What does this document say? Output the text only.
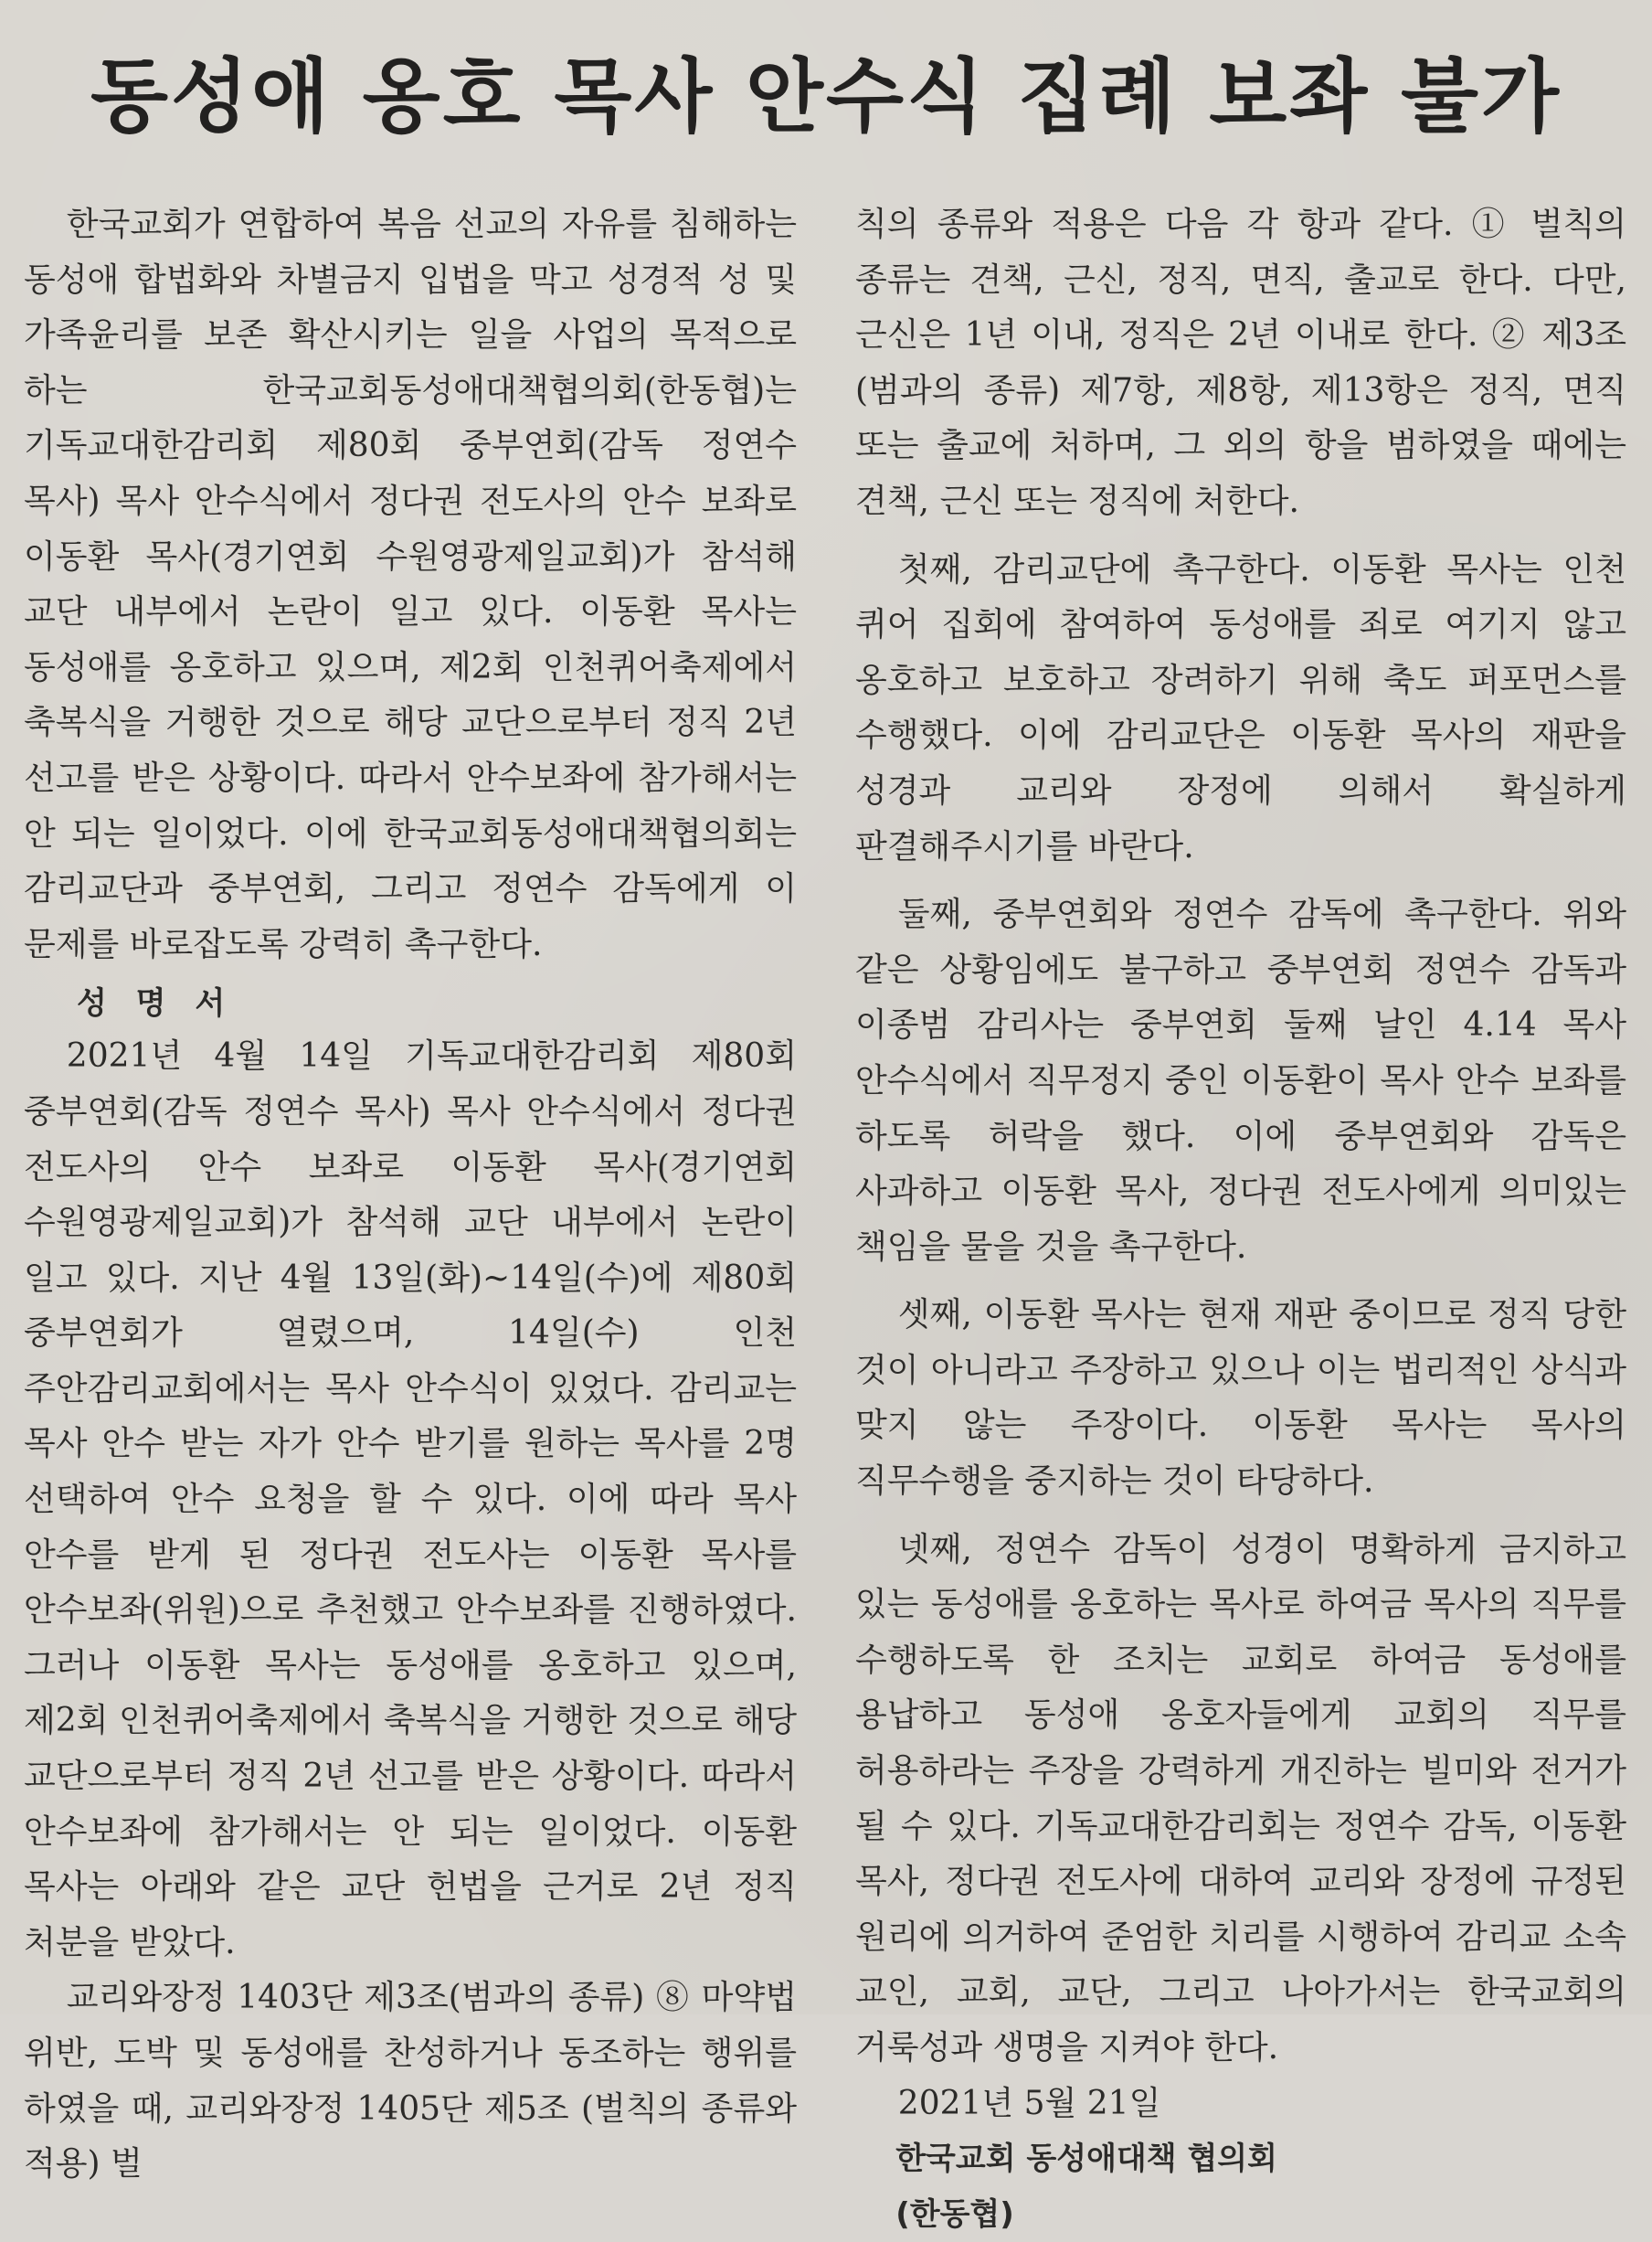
동성애 옹호 목사 안수식 집례 보좌 불가

한국교회가 연합하여 복음 선교의 자유를 침해하는 동성애 합법화와 차별금지 입법을 막고 성경적 성 및 가족윤리를 보존 확산시키는 일을 사업의 목적으로 하는 한국교회동성애대책협의회(한동협)는 기독교대한감리회 제80회 중부연회(감독 정연수 목사) 목사 안수식에서 정다권 전도사의 안수 보좌로 이동환 목사(경기연회 수원영광제일교회)가 참석해 교단 내부에서 논란이 일고 있다. 이동환 목사는 동성애를 옹호하고 있으며, 제2회 인천퀴어축제에서 축복식을 거행한 것으로 해당 교단으로부터 정직 2년 선고를 받은 상황이다. 따라서 안수보좌에 참가해서는 안 되는 일이었다. 이에 한국교회동성애대책협의회는 감리교단과 중부연회, 그리고 정연수 감독에게 이 문제를 바로잡도록 강력히 촉구한다.

성 명 서

2021년 4월 14일 기독교대한감리회 제80회 중부연회(감독 정연수 목사) 목사 안수식에서 정다권 전도사의 안수 보좌로 이동환 목사(경기연회 수원영광제일교회)가 참석해 교단 내부에서 논란이 일고 있다. 지난 4월 13일(화)~14일(수)에 제80회 중부연회가 열렸으며, 14일(수) 인천 주안감리교회에서는 목사 안수식이 있었다. 감리교는 목사 안수 받는 자가 안수 받기를 원하는 목사를 2명 선택하여 안수 요청을 할 수 있다. 이에 따라 목사 안수를 받게 된 정다권 전도사는 이동환 목사를 안수보좌(위원)으로 추천했고 안수보좌를 진행하였다. 그러나 이동환 목사는 동성애를 옹호하고 있으며, 제2회 인천퀴어축제에서 축복식을 거행한 것으로 해당 교단으로부터 정직 2년 선고를 받은 상황이다. 따라서 안수보좌에 참가해서는 안 되는 일이었다. 이동환 목사는 아래와 같은 교단 헌법을 근거로 2년 정직 처분을 받았다.

교리와장정 1403단 제3조(범과의 종류) ⑧ 마약법 위반, 도박 및 동성애를 찬성하거나 동조하는 행위를 하였을 때, 교리와장정 1405단 제5조 (벌칙의 종류와 적용) 벌

칙의 종류와 적용은 다음 각 항과 같다. ① 벌칙의 종류는 견책, 근신, 정직, 면직, 출교로 한다. 다만, 근신은 1년 이내, 정직은 2년 이내로 한다. ② 제3조(범과의 종류) 제7항, 제8항, 제13항은 정직, 면직 또는 출교에 처하며, 그 외의 항을 범하였을 때에는 견책, 근신 또는 정직에 처한다.

첫째, 감리교단에 촉구한다. 이동환 목사는 인천 퀴어 집회에 참여하여 동성애를 죄로 여기지 않고 옹호하고 보호하고 장려하기 위해 축도 퍼포먼스를 수행했다. 이에 감리교단은 이동환 목사의 재판을 성경과 교리와 장정에 의해서 확실하게 판결해주시기를 바란다.

둘째, 중부연회와 정연수 감독에 촉구한다. 위와 같은 상황임에도 불구하고 중부연회 정연수 감독과 이종범 감리사는 중부연회 둘째 날인 4.14 목사 안수식에서 직무정지 중인 이동환이 목사 안수 보좌를 하도록 허락을 했다. 이에 중부연회와 감독은 사과하고 이동환 목사, 정다권 전도사에게 의미있는 책임을 물을 것을 촉구한다.

셋째, 이동환 목사는 현재 재판 중이므로 정직 당한 것이 아니라고 주장하고 있으나 이는 법리적인 상식과 맞지 않는 주장이다. 이동환 목사는 목사의 직무수행을 중지하는 것이 타당하다.

넷째, 정연수 감독이 성경이 명확하게 금지하고 있는 동성애를 옹호하는 목사로 하여금 목사의 직무를 수행하도록 한 조치는 교회로 하여금 동성애를 용납하고 동성애 옹호자들에게 교회의 직무를 허용하라는 주장을 강력하게 개진하는 빌미와 전거가 될 수 있다. 기독교대한감리회는 정연수 감독, 이동환 목사, 정다권 전도사에 대하여 교리와 장정에 규정된 원리에 의거하여 준엄한 치리를 시행하여 감리교 소속 교인, 교회, 교단, 그리고 나아가서는 한국교회의 거룩성과 생명을 지켜야 한다.

2021년 5월 21일

한국교회 동성애대책 협의회

(한동협)
